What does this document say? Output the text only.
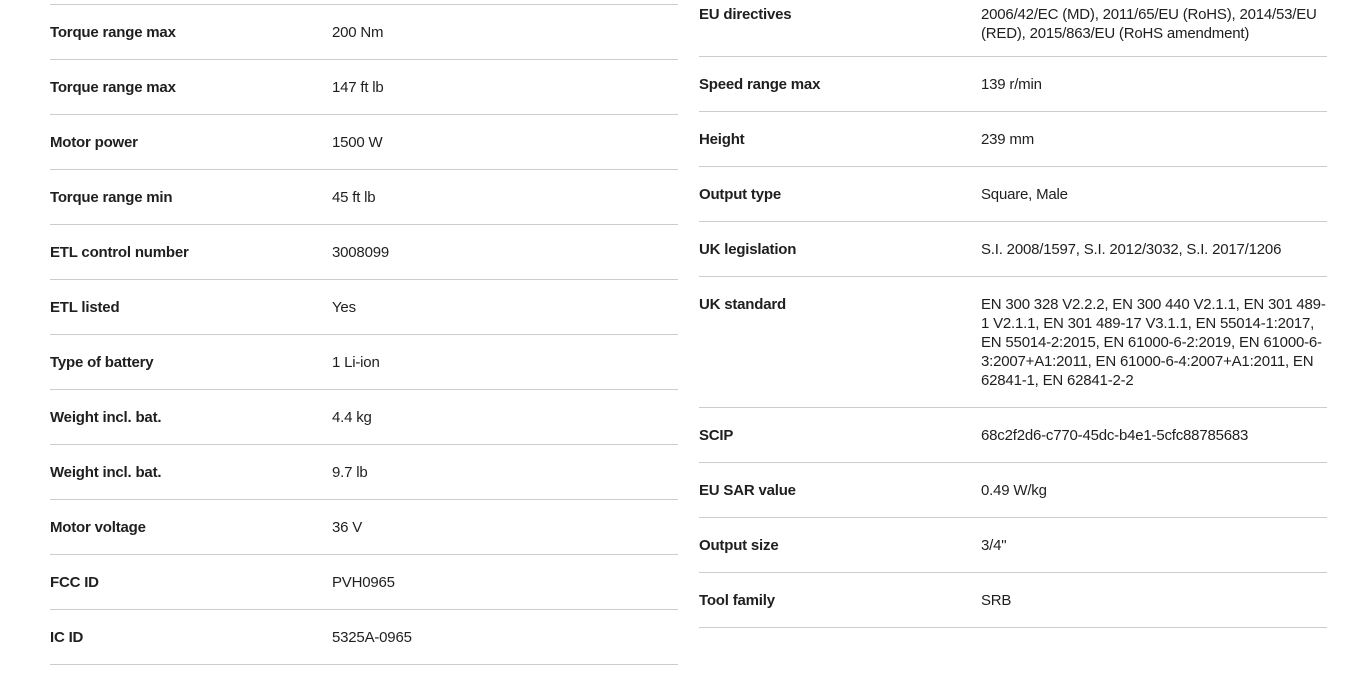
Torque range max	200 Nm
Torque range max	147 ft lb
Motor power	1500 W
Torque range min	45 ft lb
ETL control number	3008099
ETL listed	Yes
Type of battery	1 Li-ion
Weight incl. bat.	4.4 kg
Weight incl. bat.	9.7 lb
Motor voltage	36 V
FCC ID	PVH0965
IC ID	5325A-0965
EU directives	2006/42/EC (MD), 2011/65/EU (RoHS), 2014/53/EU (RED), 2015/863/EU (RoHS amendment)
Speed range max	139 r/min
Height	239 mm
Output type	Square, Male
UK legislation	S.I. 2008/1597, S.I. 2012/3032, S.I. 2017/1206
UK standard	EN 300 328 V2.2.2, EN 300 440 V2.1.1, EN 301 489-1 V2.1.1, EN 301 489-17 V3.1.1, EN 55014-1:2017, EN 55014-2:2015, EN 61000-6-2:2019, EN 61000-6-3:2007+A1:2011, EN 61000-6-4:2007+A1:2011, EN 62841-1, EN 62841-2-2
SCIP	68c2f2d6-c770-45dc-b4e1-5cfc88785683
EU SAR value	0.49 W/kg
Output size	3/4"
Tool family	SRB
